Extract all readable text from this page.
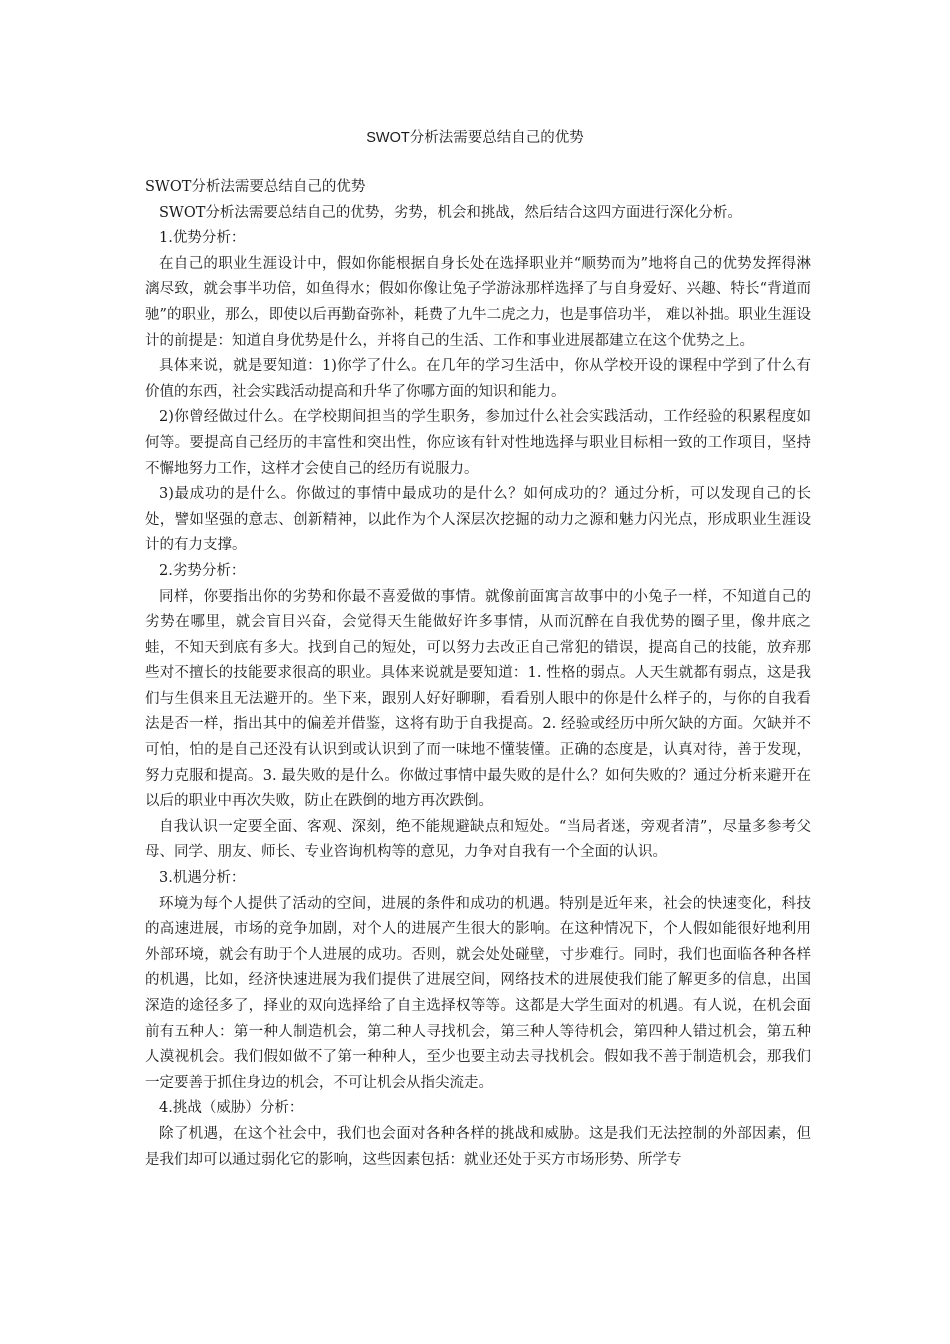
SWOT分析法需要总结自己的优势

SWOT分析法需要总结自己的优势

SWOT分析法需要总结自己的优势，劣势，机会和挑战，然后结合这四方面进行深化分析。

1.优势分析：

在自己的职业生涯设计中，假如你能根据自身长处在选择职业并“顺势而为”地将自己的优势发挥得淋漓尽致，就会事半功倍，如鱼得水；假如你像让兔子学游泳那样选择了与自身爱好、兴趣、特长“背道而驰”的职业，那么，即使以后再勤奋弥补，耗费了九牛二虎之力，也是事倍功半， 难以补拙。职业生涯设计的前提是：知道自身优势是什么，并将自己的生活、工作和事业进展都建立在这个优势之上。

具体来说，就是要知道：1)你学了什么。在几年的学习生活中，你从学校开设的课程中学到了什么有价值的东西，社会实践活动提高和升华了你哪方面的知识和能力。

2)你曾经做过什么。在学校期间担当的学生职务，参加过什么社会实践活动，工作经验的积累程度如何等。要提高自己经历的丰富性和突出性，你应该有针对性地选择与职业目标相一致的工作项目，坚持不懈地努力工作，这样才会使自己的经历有说服力。

3)最成功的是什么。你做过的事情中最成功的是什么？如何成功的？通过分析，可以发现自己的长处，譬如坚强的意志、创新精神，以此作为个人深层次挖掘的动力之源和魅力闪光点，形成职业生涯设计的有力支撑。

2.劣势分析：

同样，你要指出你的劣势和你最不喜爱做的事情。就像前面寓言故事中的小兔子一样，不知道自己的劣势在哪里，就会盲目兴奋，会觉得天生能做好许多事情，从而沉醉在自我优势的圈子里，像井底之蛙，不知天到底有多大。找到自己的短处，可以努力去改正自己常犯的错误，提高自己的技能，放弃那些对不擅长的技能要求很高的职业。具体来说就是要知道：1. 性格的弱点。人天生就都有弱点，这是我们与生俱来且无法避开的。坐下来，跟别人好好聊聊，看看别人眼中的你是什么样子的，与你的自我看法是否一样，指出其中的偏差并借鉴，这将有助于自我提高。2. 经验或经历中所欠缺的方面。欠缺并不可怕，怕的是自己还没有认识到或认识到了而一味地不懂装懂。正确的态度是，认真对待，善于发现，努力克服和提高。3. 最失败的是什么。你做过事情中最失败的是什么？如何失败的？通过分析来避开在以后的职业中再次失败，防止在跌倒的地方再次跌倒。

自我认识一定要全面、客观、深刻，绝不能规避缺点和短处。“当局者迷，旁观者清”，尽量多参考父母、同学、朋友、师长、专业咨询机构等的意见，力争对自我有一个全面的认识。

3.机遇分析：

环境为每个人提供了活动的空间，进展的条件和成功的机遇。特别是近年来，社会的快速变化，科技的高速进展，市场的竞争加剧，对个人的进展产生很大的影响。在这种情况下，个人假如能很好地利用外部环境，就会有助于个人进展的成功。否则，就会处处碰壁，寸步难行。同时，我们也面临各种各样的机遇，比如，经济快速进展为我们提供了进展空间，网络技术的进展使我们能了解更多的信息，出国深造的途径多了，择业的双向选择给了自主选择权等等。这都是大学生面对的机遇。有人说，在机会面前有五种人：第一种人制造机会，第二种人寻找机会，第三种人等待机会，第四种人错过机会，第五种人漠视机会。我们假如做不了第一种种人，至少也要主动去寻找机会。假如我不善于制造机会，那我们一定要善于抓住身边的机会，不可让机会从指尖流走。

4.挑战（威胁）分析：

除了机遇，在这个社会中，我们也会面对各种各样的挑战和威胁。这是我们无法控制的外部因素，但是我们却可以通过弱化它的影响，这些因素包括：就业还处于买方市场形势、所学专
